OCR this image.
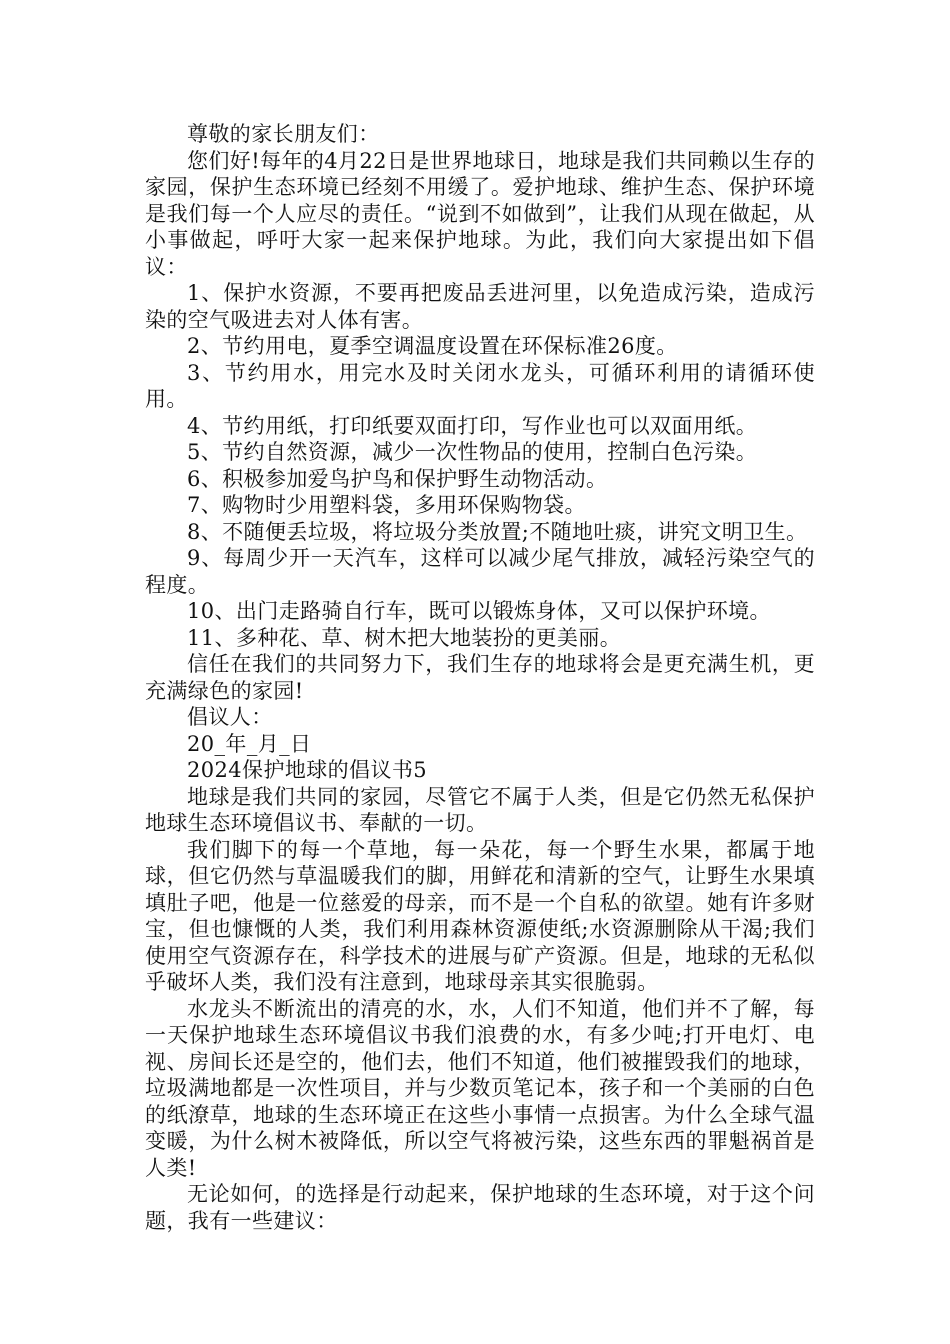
尊敬的家长朋友们：

您们好!每年的4月22日是世界地球日，地球是我们共同赖以生存的家园，保护生态环境已经刻不用缓了。爱护地球、维护生态、保护环境是我们每一个人应尽的责任。“说到不如做到”，让我们从现在做起，从小事做起，呼吁大家一起来保护地球。为此，我们向大家提出如下倡议：

1、保护水资源，不要再把废品丢进河里，以免造成污染，造成污染的空气吸进去对人体有害。

2、节约用电，夏季空调温度设置在环保标准26度。

3、节约用水，用完水及时关闭水龙头，可循环利用的请循环使用。

4、节约用纸，打印纸要双面打印，写作业也可以双面用纸。

5、节约自然资源，减少一次性物品的使用，控制白色污染。

6、积极参加爱鸟护鸟和保护野生动物活动。

7、购物时少用塑料袋，多用环保购物袋。

8、不随便丢垃圾，将垃圾分类放置;不随地吐痰，讲究文明卫生。

9、每周少开一天汽车，这样可以减少尾气排放，减轻污染空气的程度。

10、出门走路骑自行车，既可以锻炼身体，又可以保护环境。

11、多种花、草、树木把大地装扮的更美丽。

信任在我们的共同努力下，我们生存的地球将会是更充满生机，更充满绿色的家园!

倡议人：

20_年_月_日

2024保护地球的倡议书5

地球是我们共同的家园，尽管它不属于人类，但是它仍然无私保护地球生态环境倡议书、奉献的一切。

我们脚下的每一个草地，每一朵花，每一个野生水果，都属于地球，但它仍然与草温暖我们的脚，用鲜花和清新的空气，让野生水果填填肚子吧，他是一位慈爱的母亲，而不是一个自私的欲望。她有许多财宝，但也慷慨的人类，我们利用森林资源使纸;水资源删除从干渴;我们使用空气资源存在，科学技术的进展与矿产资源。但是，地球的无私似乎破坏人类，我们没有注意到，地球母亲其实很脆弱。

水龙头不断流出的清亮的水，水，人们不知道，他们并不了解，每一天保护地球生态环境倡议书我们浪费的水，有多少吨;打开电灯、电视、房间长还是空的，他们去，他们不知道，他们被摧毁我们的地球，垃圾满地都是一次性项目，并与少数页笔记本，孩子和一个美丽的白色的纸潦草，地球的生态环境正在这些小事情一点损害。为什么全球气温变暖，为什么树木被降低，所以空气将被污染，这些东西的罪魁祸首是人类!

无论如何，的选择是行动起来，保护地球的生态环境，对于这个问题，我有一些建议：
